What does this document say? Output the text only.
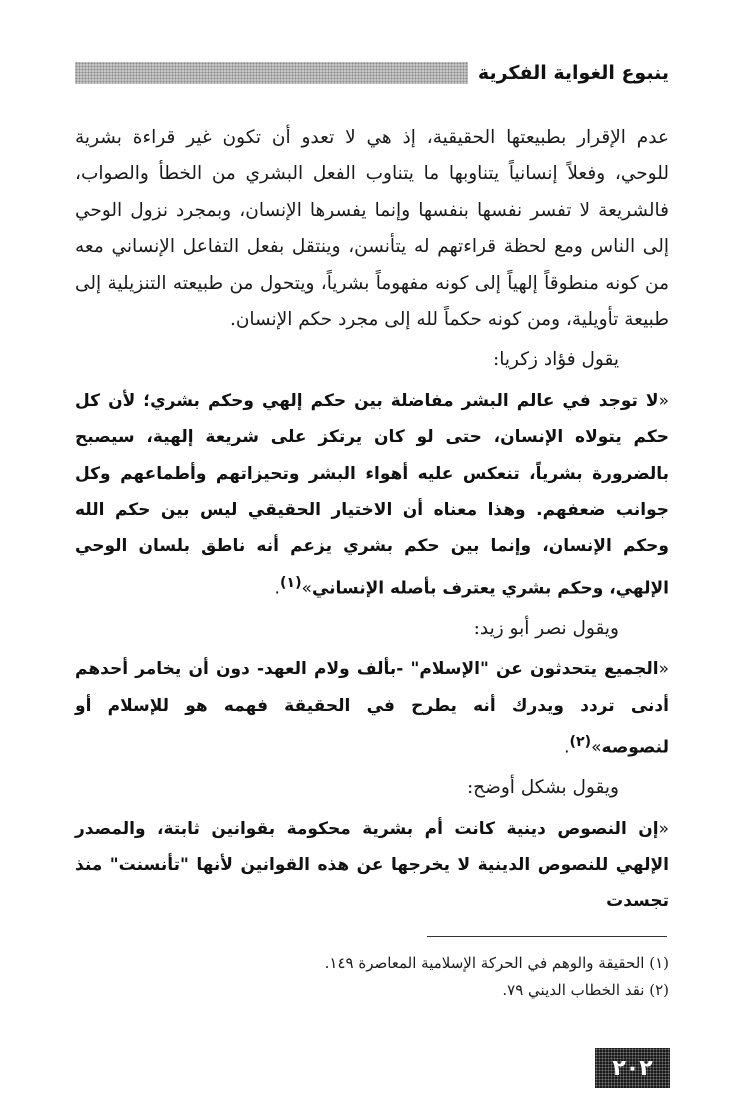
ينبوع الغواية الفكرية

عدم الإقرار بطبيعتها الحقيقية، إذ هي لا تعدو أن تكون غير قراءة بشرية للوحي، وفعلاً إنسانياً يتناوبها ما يتناوب الفعل البشري من الخطأ والصواب، فالشريعة لا تفسر نفسها بنفسها وإنما يفسرها الإنسان، وبمجرد نزول الوحي إلى الناس ومع لحظة قراءتهم له يتأنسن، وينتقل بفعل التفاعل الإنساني معه من كونه منطوقاً إلهياً إلى كونه مفهوماً بشرياً، ويتحول من طبيعته التنزيلية إلى طبيعة تأويلية، ومن كونه حكماً لله إلى مجرد حكم الإنسان.

يقول فؤاد زكريا:

«لا توجد في عالم البشر مفاضلة بين حكم إلهي وحكم بشري؛ لأن كل حكم يتولاه الإنسان، حتى لو كان يرتكز على شريعة إلهية، سيصبح بالضرورة بشرياً، تنعكس عليه أهواء البشر وتحيزاتهم وأطماعهم وكل جوانب ضعفهم. وهذا معناه أن الاختيار الحقيقي ليس بين حكم الله وحكم الإنسان، وإنما بين حكم بشري يزعم أنه ناطق بلسان الوحي الإلهي، وحكم بشري يعترف بأصله الإنساني»$^{(١)}$.

ويقول نصر أبو زيد:

«الجميع يتحدثون عن "الإسلام" -بألف ولام العهد- دون أن يخامر أحدهم أدنى تردد ويدرك أنه يطرح في الحقيقة فهمه هو للإسلام أو لنصوصه»$^{(٢)}$.

ويقول بشكل أوضح:

«إن النصوص دينية كانت أم بشرية محكومة بقوانين ثابتة، والمصدر الإلهي للنصوص الدينية لا يخرجها عن هذه القوانين لأنها "تأنسنت" منذ تجسدت

(١) الحقيقة والوهم في الحركة الإسلامية المعاصرة ١٤٩.

(٢) نقد الخطاب الديني ٧٩.

٢٠٢
